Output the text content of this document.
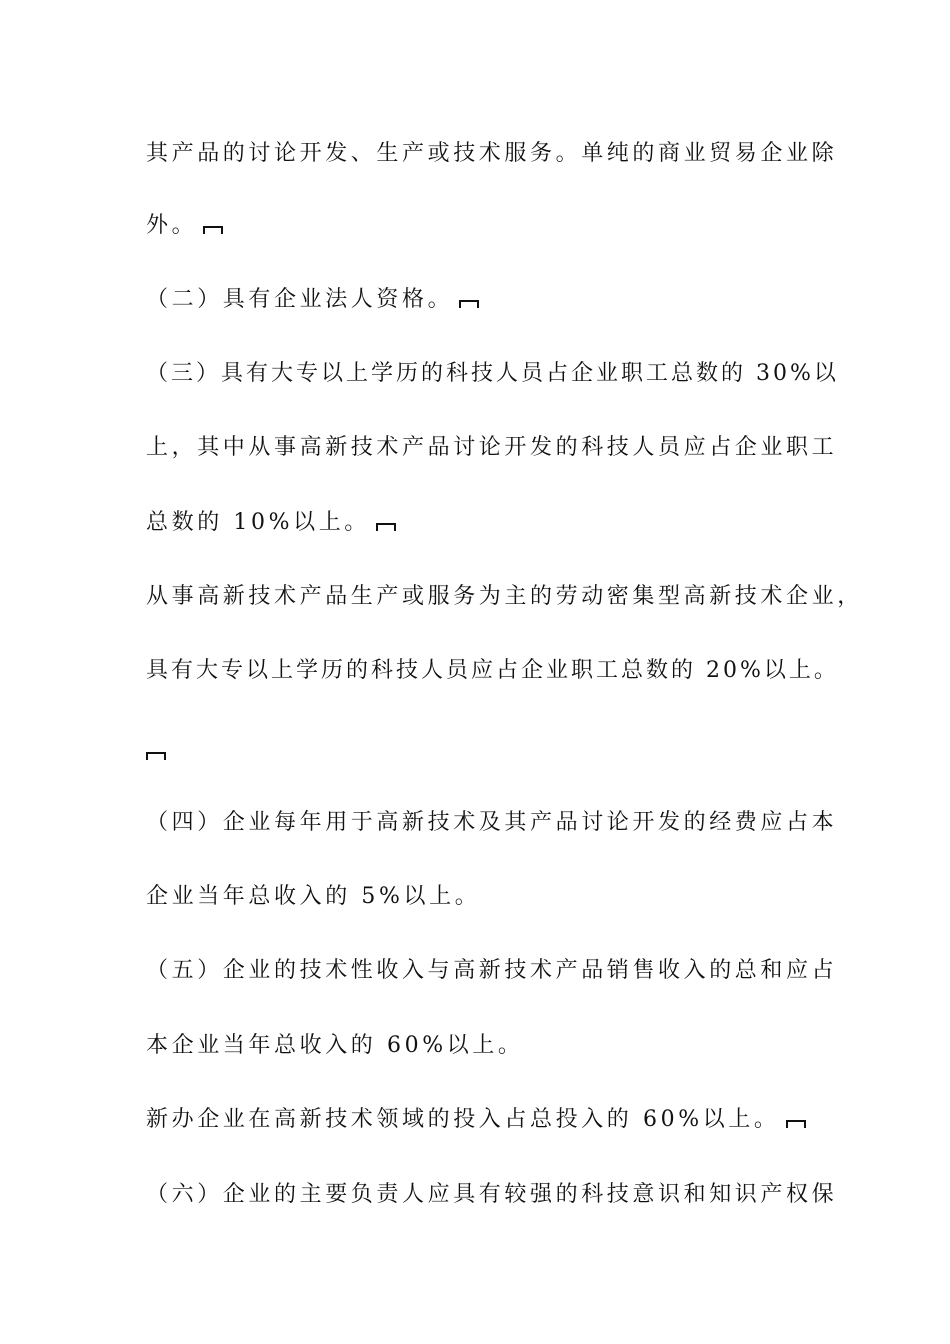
其产品的讨论开发、生产或技术服务。单纯的商业贸易企业除
外。
（二）具有企业法人资格。
（三）具有大专以上学历的科技人员占企业职工总数的 30%以
上，其中从事高新技术产品讨论开发的科技人员应占企业职工
总数的 10%以上。
从事高新技术产品生产或服务为主的劳动密集型高新技术企业，
具有大专以上学历的科技人员应占企业职工总数的 20%以上。
（四）企业每年用于高新技术及其产品讨论开发的经费应占本
企业当年总收入的 5%以上。
（五）企业的技术性收入与高新技术产品销售收入的总和应占
本企业当年总收入的 60%以上。
新办企业在高新技术领域的投入占总投入的 60%以上。
（六）企业的主要负责人应具有较强的科技意识和知识产权保
